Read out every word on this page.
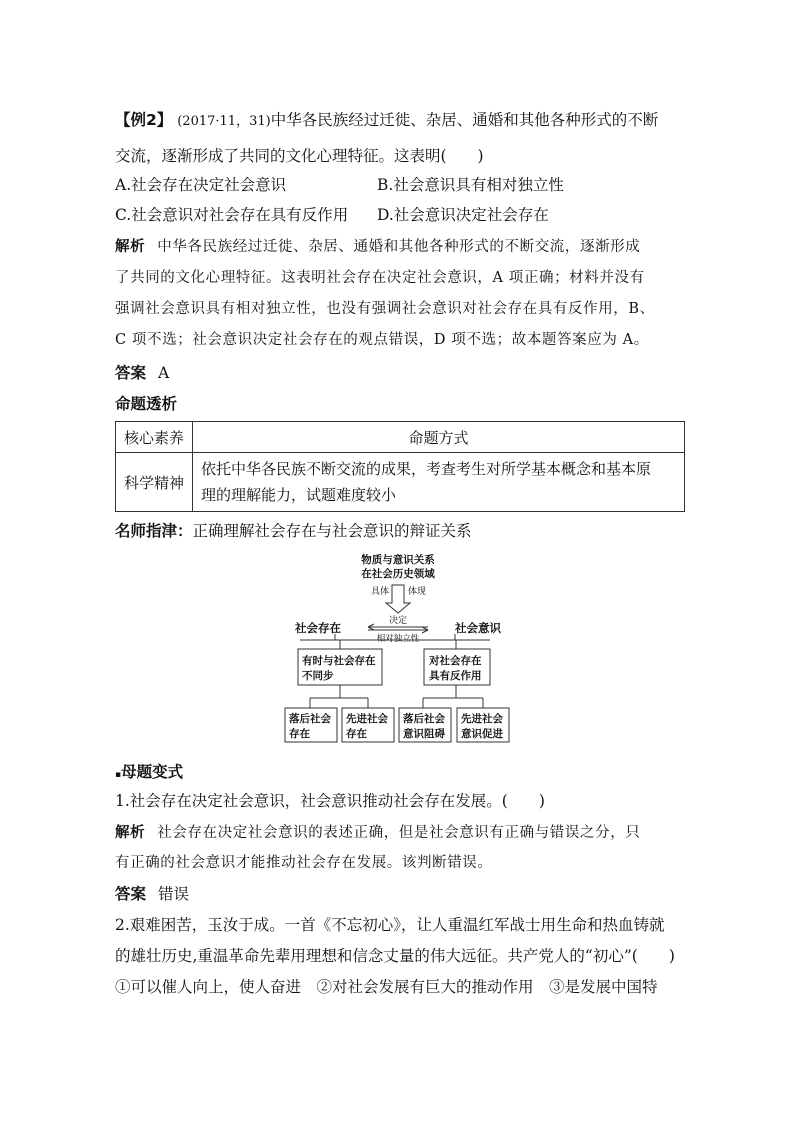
【例2】 (2017·11，31)中华各民族经过迁徙、杂居、通婚和其他各种形式的不断
交流，逐渐形成了共同的文化心理特征。这表明(　　)
A.社会存在决定社会意识	B.社会意识具有相对独立性
C.社会意识对社会存在具有反作用 D.社会意识决定社会存在
解析 中华各民族经过迁徙、杂居、通婚和其他各种形式的不断交流，逐渐形成
了共同的文化心理特征。这表明社会存在决定社会意识，A 项正确；材料并没有
强调社会意识具有相对独立性，也没有强调社会意识对社会存在具有反作用，B、
C 项不选；社会意识决定社会存在的观点错误，D 项不选；故本题答案应为 A。
答案 A
命题透析
核心素养	命题方式
科学精神	依托中华各民族不断交流的成果，考查考生对所学基本概念和基本原
理的理解能力，试题难度较小
名师指津：正确理解社会存在与社会意识的辩证关系
物质与意识关系
在社会历史领域
具体 体现
决定
相对独立性
社会存在	社会意识
有时与社会存在
不同步
对社会存在
具有反作用
落后社会
存在
先进社会
存在
落后社会
意识阻碍
先进社会
意识促进
▪母题变式
1.社会存在决定社会意识，社会意识推动社会存在发展。(　　)
解析 社会存在决定社会意识的表述正确，但是社会意识有正确与错误之分，只
有正确的社会意识才能推动社会存在发展。该判断错误。
答案 错误
2.艰难困苦，玉汝于成。一首《不忘初心》，让人重温红军战士用生命和热血铸就
的雄壮历史,重温革命先辈用理想和信念丈量的伟大远征。共产党人的“初心”(　　)
①可以催人向上，使人奋进　②对社会发展有巨大的推动作用　③是发展中国特
